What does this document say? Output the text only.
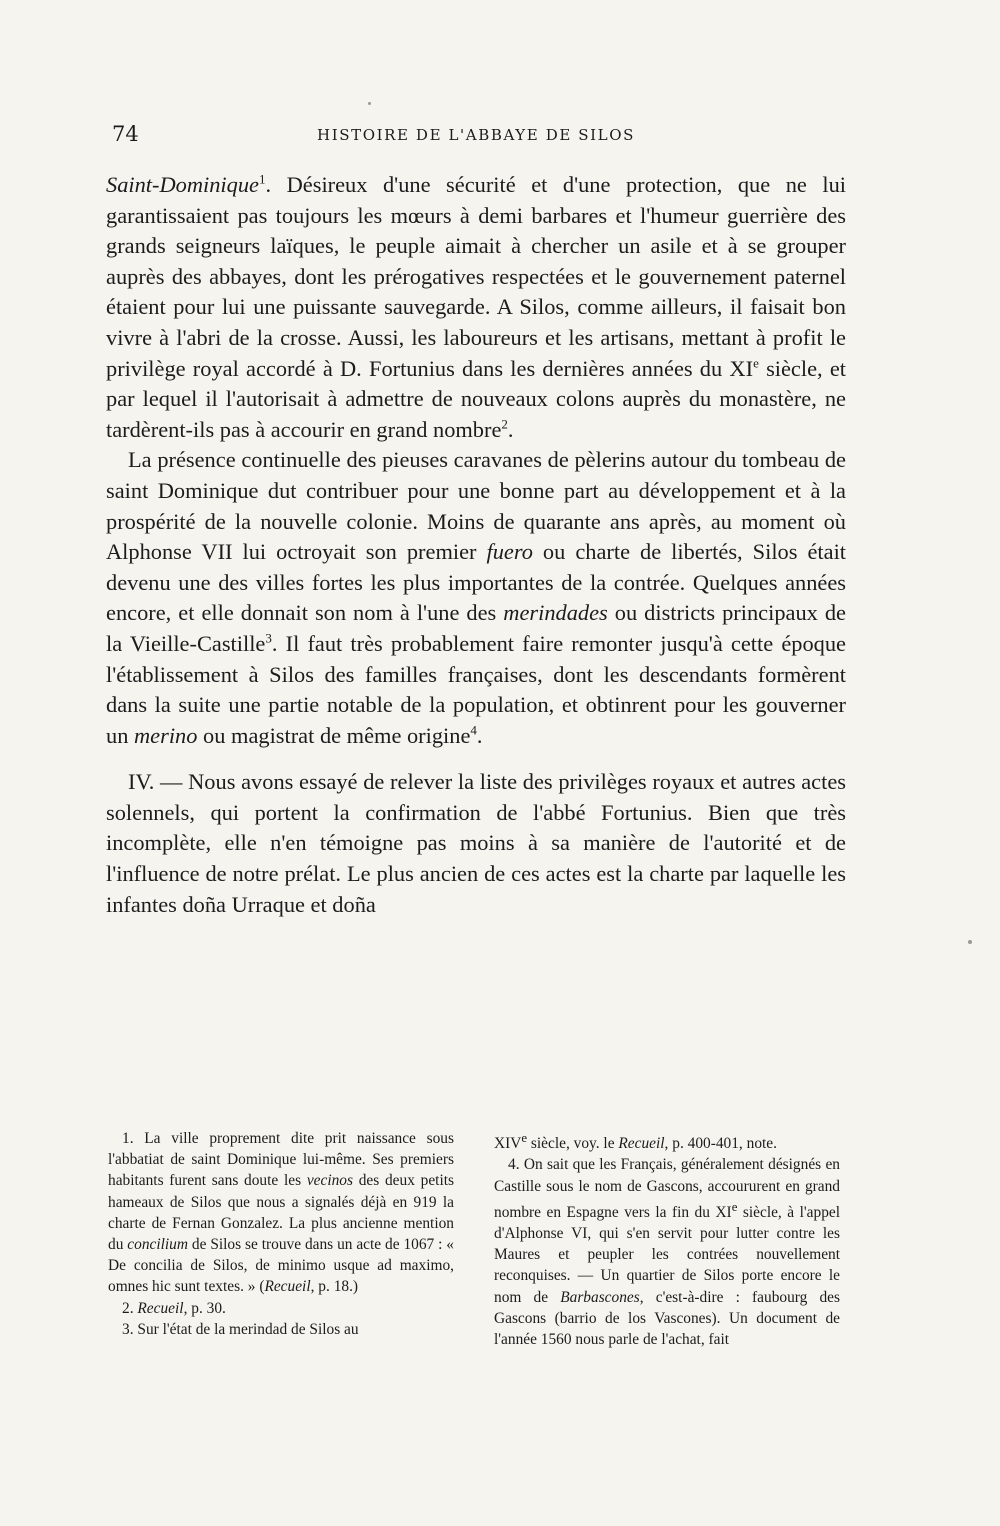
74	HISTOIRE DE L'ABBAYE DE SILOS

Saint-Dominique$^1$. Désireux d'une sécurité et d'une protection, que ne lui garantissaient pas toujours les mœurs à demi barbares et l'humeur guerrière des grands seigneurs laïques, le peuple aimait à chercher un asile et à se grouper auprès des abbayes, dont les prérogatives respectées et le gouvernement paternel étaient pour lui une puissante sauvegarde. A Silos, comme ailleurs, il faisait bon vivre à l'abri de la crosse. Aussi, les laboureurs et les artisans, mettant à profit le privilège royal accordé à D. Fortunius dans les dernières années du XIe siècle, et par lequel il l'autorisait à admettre de nouveaux colons auprès du monastère, ne tardèrent-ils pas à accourir en grand nombre$^2$.

La présence continuelle des pieuses caravanes de pèlerins autour du tombeau de saint Dominique dut contribuer pour une bonne part au développement et à la prospérité de la nouvelle colonie. Moins de quarante ans après, au moment où Alphonse VII lui octroyait son premier fuero ou charte de libertés, Silos était devenu une des villes fortes les plus importantes de la contrée. Quelques années encore, et elle donnait son nom à l'une des merindades ou districts principaux de la Vieille-Castille$^3$. Il faut très probablement faire remonter jusqu'à cette époque l'établissement à Silos des familles françaises, dont les descendants formèrent dans la suite une partie notable de la population, et obtinrent pour les gouverner un merino ou magistrat de même origine$^4$.

IV. — Nous avons essayé de relever la liste des privilèges royaux et autres actes solennels, qui portent la confirmation de l'abbé Fortunius. Bien que très incomplète, elle n'en témoigne pas moins à sa manière de l'autorité et de l'influence de notre prélat. Le plus ancien de ces actes est la charte par laquelle les infantes doña Urraque et doña

1. La ville proprement dite prit naissance sous l'abbatiat de saint Dominique lui-même. Ses premiers habitants furent sans doute les vecinos des deux petits hameaux de Silos que nous a signalés déjà en 919 la charte de Fernan Gonzalez. La plus ancienne mention du concilium de Silos se trouve dans un acte de 1067 : « De concilia de Silos, de minimo usque ad maximo, omnes hic sunt textes. » (Recueil, p. 18.)

2. Recueil, p. 30.

3. Sur l'état de la merindad de Silos au

XIVe siècle, voy. le Recueil, p. 400-401, note.

4. On sait que les Français, généralement désignés en Castille sous le nom de Gascons, accoururent en grand nombre en Espagne vers la fin du XIe siècle, à l'appel d'Alphonse VI, qui s'en servit pour lutter contre les Maures et peupler les contrées nouvellement reconquises. — Un quartier de Silos porte encore le nom de Barbascones, c'est-à-dire : faubourg des Gascons (barrio de los Vascones). Un document de l'année 1560 nous parle de l'achat, fait
